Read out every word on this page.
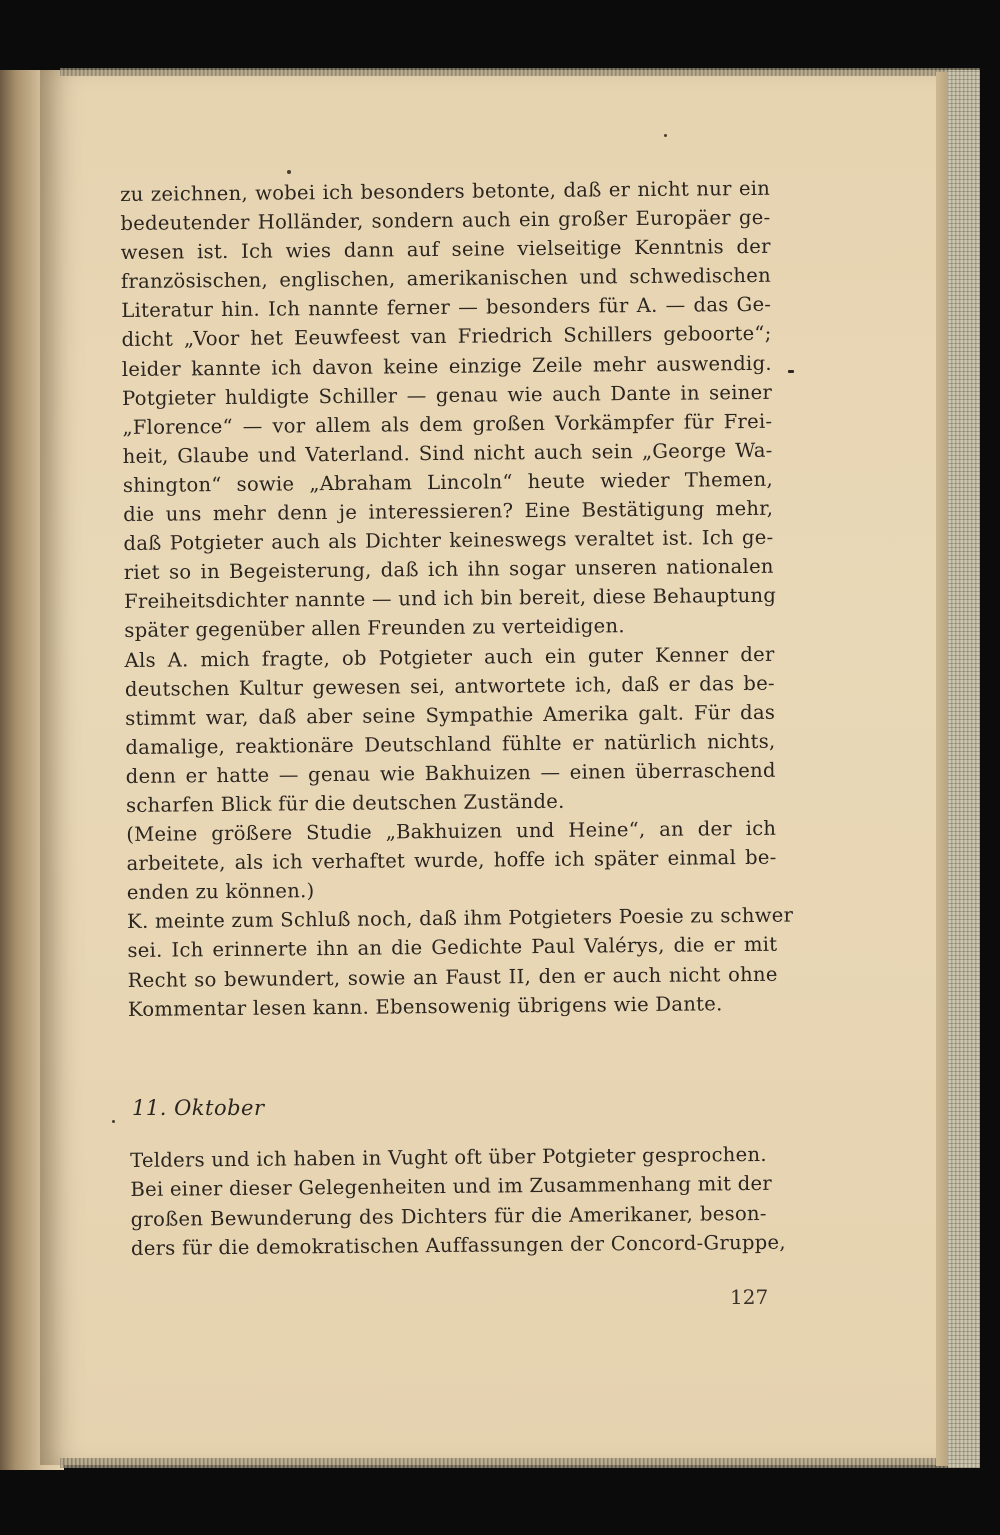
zu zeichnen, wobei ich besonders betonte, daß er nicht nur ein
bedeutender Holländer, sondern auch ein großer Europäer ge-
wesen ist. Ich wies dann auf seine vielseitige Kenntnis der
französischen, englischen, amerikanischen und schwedischen
Literatur hin. Ich nannte ferner — besonders für A. — das Ge-
dicht „Voor het Eeuwfeest van Friedrich Schillers geboorte“;
leider kannte ich davon keine einzige Zeile mehr auswendig.
Potgieter huldigte Schiller — genau wie auch Dante in seiner
„Florence“ — vor allem als dem großen Vorkämpfer für Frei-
heit, Glaube und Vaterland. Sind nicht auch sein „George Wa-
shington“ sowie „Abraham Lincoln“ heute wieder Themen,
die uns mehr denn je interessieren? Eine Bestätigung mehr,
daß Potgieter auch als Dichter keineswegs veraltet ist. Ich ge-
riet so in Begeisterung, daß ich ihn sogar unseren nationalen
Freiheitsdichter nannte — und ich bin bereit, diese Behauptung
später gegenüber allen Freunden zu verteidigen.
Als A. mich fragte, ob Potgieter auch ein guter Kenner der
deutschen Kultur gewesen sei, antwortete ich, daß er das be-
stimmt war, daß aber seine Sympathie Amerika galt. Für das
damalige, reaktionäre Deutschland fühlte er natürlich nichts,
denn er hatte — genau wie Bakhuizen — einen überraschend
scharfen Blick für die deutschen Zustände.
(Meine größere Studie „Bakhuizen und Heine“, an der ich
arbeitete, als ich verhaftet wurde, hoffe ich später einmal be-
enden zu können.)
K. meinte zum Schluß noch, daß ihm Potgieters Poesie zu schwer
sei. Ich erinnerte ihn an die Gedichte Paul Valérys, die er mit
Recht so bewundert, sowie an Faust II, den er auch nicht ohne
Kommentar lesen kann. Ebensowenig übrigens wie Dante.
11. Oktober
Telders und ich haben in Vught oft über Potgieter gesprochen.
Bei einer dieser Gelegenheiten und im Zusammenhang mit der
großen Bewunderung des Dichters für die Amerikaner, beson-
ders für die demokratischen Auffassungen der Concord-Gruppe,
127
